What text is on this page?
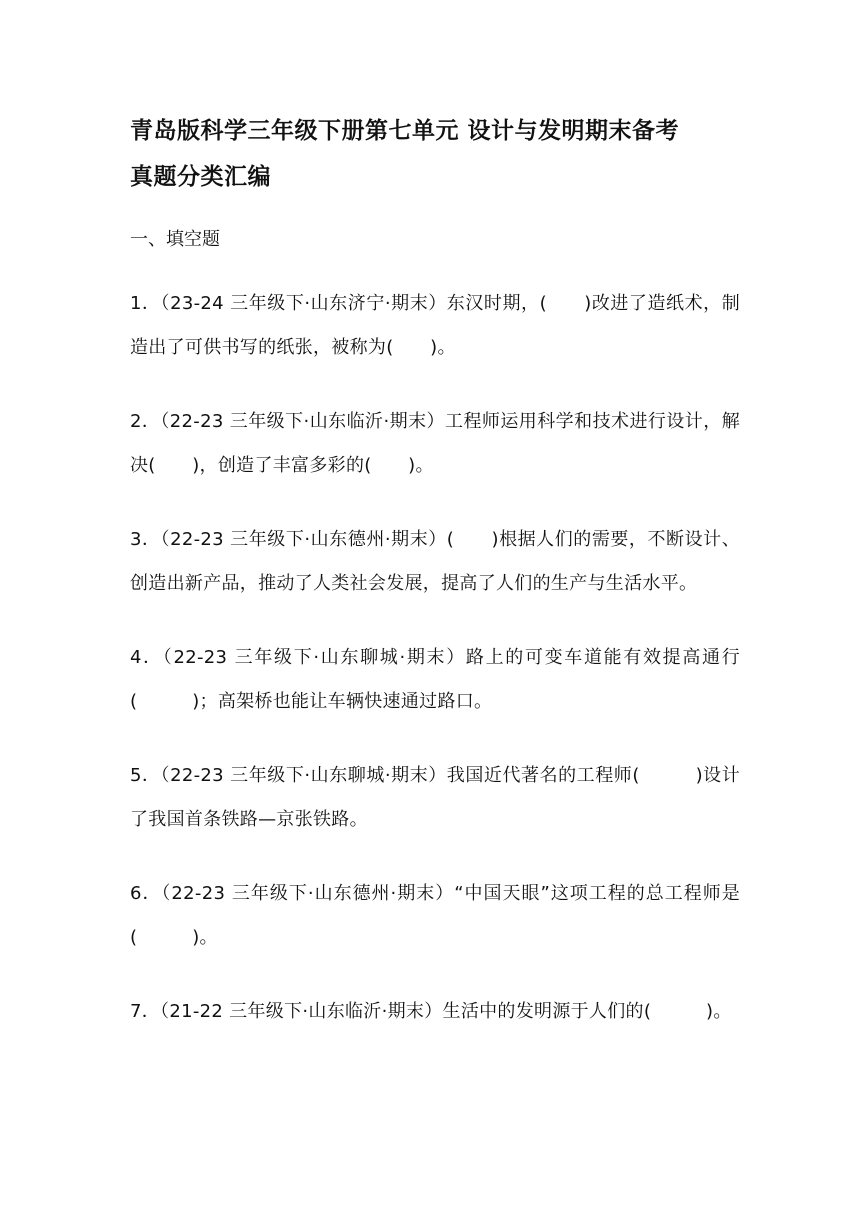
青岛版科学三年级下册第七单元 设计与发明期末备考
真题分类汇编
一、填空题
1．（23-24 三年级下·山东济宁·期末）东汉时期，(　　)改进了造纸术，制造出了可供书写的纸张，被称为(　　)。
2．（22-23 三年级下·山东临沂·期末）工程师运用科学和技术进行设计，解决(　　)，创造了丰富多彩的(　　)。
3．（22-23 三年级下·山东德州·期末）(　　)根据人们的需要，不断设计、创造出新产品，推动了人类社会发展，提高了人们的生产与生活水平。
4．（22-23 三年级下·山东聊城·期末）路上的可变车道能有效提高通行(　　　)；高架桥也能让车辆快速通过路口。
5．（22-23 三年级下·山东聊城·期末）我国近代著名的工程师(　　　)设计了我国首条铁路—京张铁路。
6．（22-23 三年级下·山东德州·期末）“中国天眼”这项工程的总工程师是(　　　)。
7．（21-22 三年级下·山东临沂·期末）生活中的发明源于人们的(　　　)。
